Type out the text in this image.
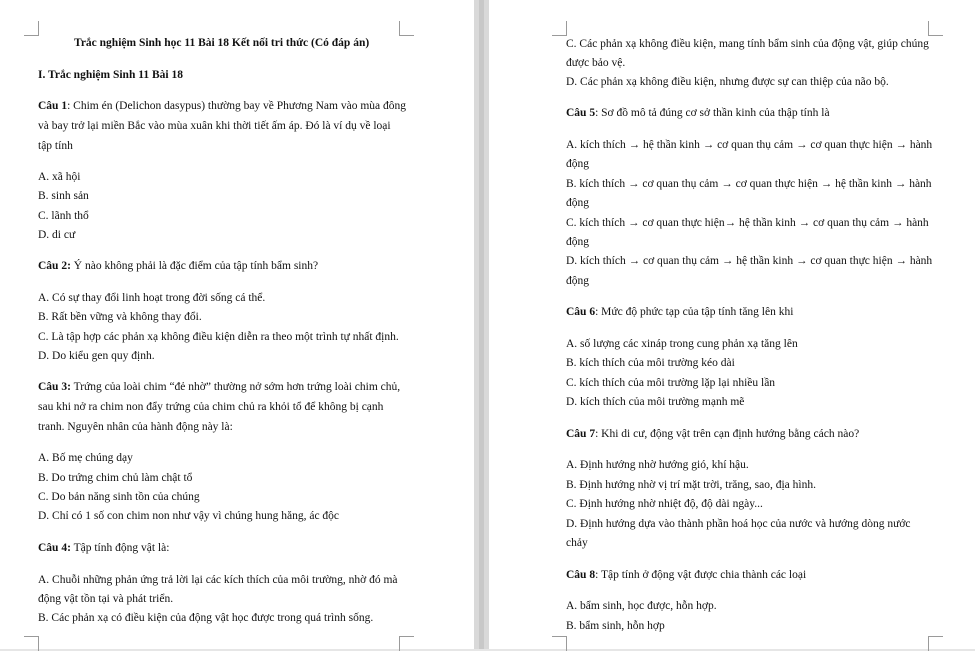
Trắc nghiệm Sinh học 11 Bài 18 Kết nối tri thức (Có đáp án)
I. Trắc nghiệm Sinh 11 Bài 18
Câu 1: Chim én (Delichon dasypus) thường bay về Phương Nam vào mùa đông
và bay trở lại miền Bắc vào mùa xuân khi thời tiết ấm áp. Đó là ví dụ về loại
tập tính
A. xã hội
B. sinh sản
C. lãnh thổ
D. di cư
Câu 2: Ý nào không phải là đặc điểm của tập tính bẩm sinh?
A. Có sự thay đổi linh hoạt trong đời sống cá thể.
B. Rất bền vững và không thay đổi.
C. Là tập hợp các phản xạ không điều kiện diễn ra theo một trình tự nhất định.
D. Do kiểu gen quy định.
Câu 3: Trứng của loài chim “đẻ nhờ” thường nở sớm hơn trứng loài chim chủ,
sau khi nở ra chim non đẩy trứng của chim chủ ra khỏi tổ để không bị cạnh
tranh. Nguyên nhân của hành động này là:
A. Bố mẹ chúng dạy
B. Do trứng chim chủ làm chật tổ
C. Do bản năng sinh tồn của chúng
D. Chỉ có 1 số con chim non như vậy vì chúng hung hăng, ác độc
Câu 4: Tập tính động vật là:
A. Chuỗi những phản ứng trả lời lại các kích thích của môi trường, nhờ đó mà
động vật tồn tại và phát triển.
B. Các phản xạ có điều kiện của động vật học được trong quá trình sống.
C. Các phản xạ không điều kiện, mang tính bẩm sinh của động vật, giúp chúng
được bảo vệ.
D. Các phản xạ không điều kiện, nhưng được sự can thiệp của não bộ.
Câu 5: Sơ đồ mô tả đúng cơ sở thần kinh của thập tính là
A. kích thích → hệ thần kinh → cơ quan thụ cảm → cơ quan thực hiện → hành
động
B. kích thích → cơ quan thụ cảm → cơ quan thực hiện → hệ thần kinh → hành
động
C. kích thích → cơ quan thực hiện→ hệ thần kinh → cơ quan thụ cảm → hành
động
D. kích thích → cơ quan thụ cảm → hệ thần kinh → cơ quan thực hiện → hành
động
Câu 6: Mức độ phức tạp của tập tính tăng lên khi
A. số lượng các xináp trong cung phản xạ tăng lên
B. kích thích của môi trường kéo dài
C. kích thích của môi trường lặp lại nhiều lần
D. kích thích của môi trường mạnh mẽ
Câu 7: Khi di cư, động vật trên cạn định hướng bằng cách nào?
A. Định hướng nhờ hướng gió, khí hậu.
B. Định hướng nhờ vị trí mặt trời, trăng, sao, địa hình.
C. Định hướng nhờ nhiệt độ, độ dài ngày...
D. Định hướng dựa vào thành phần hoá học của nước và hướng dòng nước
chảy
Câu 8: Tập tính ở động vật được chia thành các loại
A. bẩm sinh, học được, hỗn hợp.
B. bẩm sinh, hỗn hợp
